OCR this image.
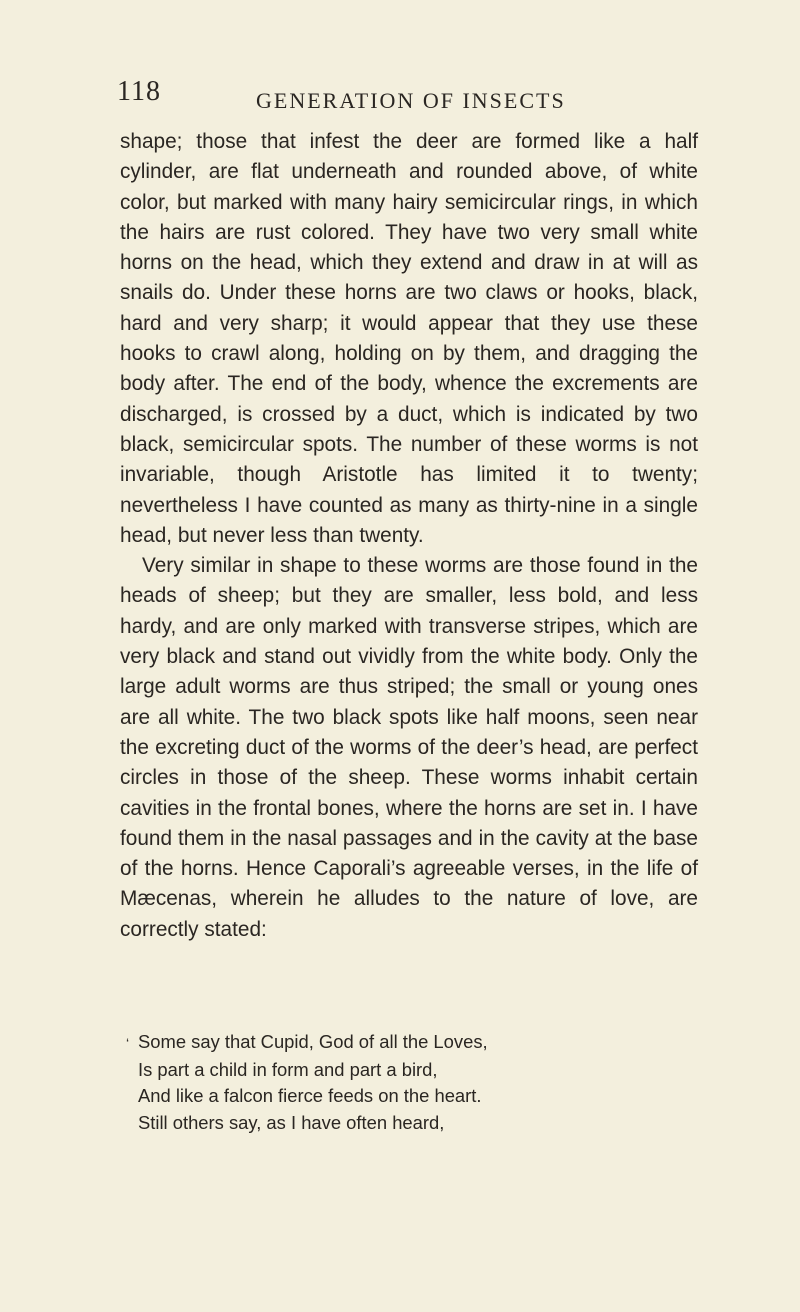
118	GENERATION OF INSECTS

shape; those that infest the deer are formed like a half cylinder, are flat underneath and rounded above, of white color, but marked with many hairy semicircular rings, in which the hairs are rust colored. They have two very small white horns on the head, which they extend and draw in at will as snails do. Under these horns are two claws or hooks, black, hard and very sharp; it would appear that they use these hooks to crawl along, holding on by them, and dragging the body after. The end of the body, whence the excrements are discharged, is crossed by a duct, which is indicated by two black, semicircular spots. The number of these worms is not invariable, though Aristotle has limited it to twenty; nevertheless I have counted as many as thirty-nine in a single head, but never less than twenty.

Very similar in shape to these worms are those found in the heads of sheep; but they are smaller, less bold, and less hardy, and are only marked with transverse stripes, which are very black and stand out vividly from the white body. Only the large adult worms are thus striped; the small or young ones are all white. The two black spots like half moons, seen near the excreting duct of the worms of the deer’s head, are perfect circles in those of the sheep. These worms inhabit certain cavities in the frontal bones, where the horns are set in. I have found them in the nasal passages and in the cavity at the base of the horns. Hence Caporali’s agreeable verses, in the life of Mæcenas, wherein he alludes to the nature of love, are correctly stated:

‘ Some say that Cupid, God of all the Loves,
Is part a child in form and part a bird,
And like a falcon fierce feeds on the heart.
Still others say, as I have often heard,
